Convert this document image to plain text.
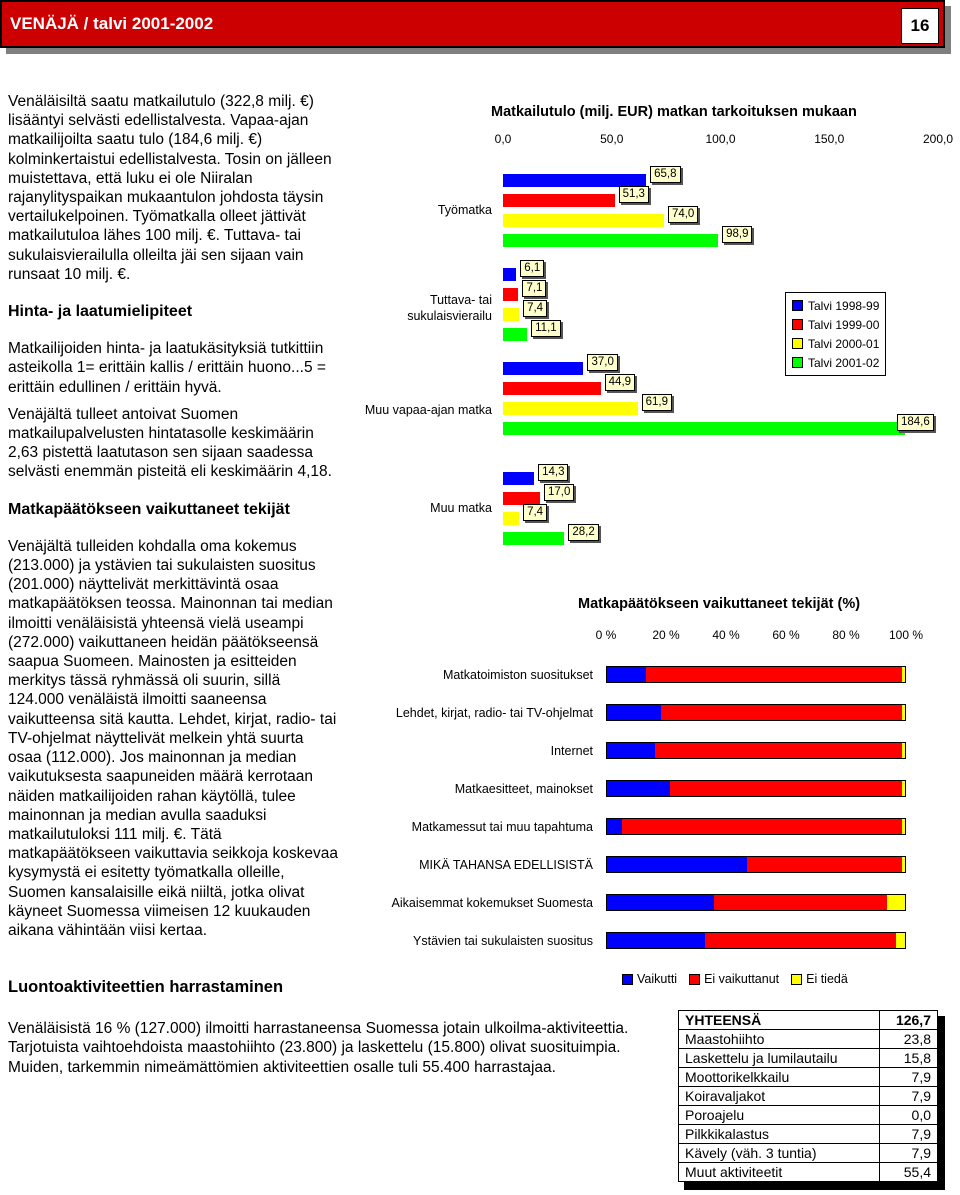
VENÄJÄ / talvi 2001-2002	16

Venäläisiltä saatu matkailutulo (322,8 milj. €) lisääntyi selvästi edellistalvesta. Vapaa-ajan matkailijoilta saatu tulo (184,6 milj. €) kolminkertaistui edellistalvesta. Tosin on jälleen muistettava, että luku ei ole Niiralan rajanylityspaikan mukaantulon johdosta täysin vertailukelpoinen. Työmatkalla olleet jättivät matkailutuloa lähes 100 milj. €. Tuttava- tai sukulaisvierailulla olleilta jäi sen sijaan vain runsaat 10 milj. €.

Hinta- ja laatumielipiteet

Matkailijoiden hinta- ja laatukäsityksiä tutkittiin asteikolla 1= erittäin kallis / erittäin huono...5 = erittäin edullinen / erittäin hyvä.

Venäjältä tulleet antoivat Suomen matkailupalvelusten hintatasolle keskimäärin 2,63 pistettä laatutason sen sijaan saadessa selvästi enemmän pisteitä eli keskimäärin 4,18.

Matkapäätökseen vaikuttaneet tekijät

Venäjältä tulleiden kohdalla oma kokemus (213.000) ja ystävien tai sukulaisten suositus (201.000) näyttelivät merkittävintä osaa matkapäätöksen teossa. Mainonnan tai median ilmoitti venäläisistä yhteensä vielä useampi (272.000) vaikuttaneen heidän päätökseensä saapua Suomeen. Mainosten ja esitteiden merkitys tässä ryhmässä oli suurin, sillä 124.000 venäläistä ilmoitti saaneensa vaikutteensa sitä kautta. Lehdet, kirjat, radio- tai TV-ohjelmat näyttelivät melkein yhtä suurta osaa (112.000). Jos mainonnan ja median vaikutuksesta saapuneiden määrä kerrotaan näiden matkailijoiden rahan käytöllä, tulee mainonnan ja median avulla saaduksi matkailutuloksi 111 milj. €. Tätä matkapäätökseen vaikuttavia seikkoja koskevaa kysymystä ei esitetty työmatkalla olleille, Suomen kansalaisille eikä niiltä, jotka olivat käyneet Suomessa viimeisen 12 kuukauden aikana vähintään viisi kertaa.

Matkailutulo (milj. EUR) matkan tarkoituksen mukaan
0,0	50,0	100,0	150,0	200,0
Työmatka
Tuttava- tai sukulaisvierailu
Muu vapaa-ajan matka
Muu matka
65,8
51,3
74,0
98,9
6,1
7,1
7,4
11,1
37,0
44,9
61,9
184,6
14,3
17,0
7,4
28,2
Talvi 1998-99
Talvi 1999-00
Talvi 2000-01
Talvi 2001-02
Matkapäätökseen vaikuttaneet tekijät (%)
0 %	20 %	40 %	60 %	80 % 100 %
Matkatoimiston suositukset
Lehdet, kirjat, radio- tai TV-ohjelmat
Internet
Matkaesitteet, mainokset
Matkamessut tai muu tapahtuma
MIKÄ TAHANSA EDELLISISTÄ
Aikaisemmat kokemukset Suomesta
Ystävien tai sukulaisten suositus
Vaikutti Ei vaikuttanut Ei tiedä
Luontoaktiviteettien harrastaminen

Venäläisistä 16 % (127.000) ilmoitti harrastaneensa Suomessa jotain ulkoilma-aktiviteettia. Tarjotuista vaihtoehdoista maastohiihto (23.800) ja laskettelu (15.800) olivat suosituimpia. Muiden, tarkemmin nimeämättömien aktiviteettien osalle tuli 55.400 harrastajaa.

YHTEENSÄ	126,7
Maastohiihto	23,8
Laskettelu ja lumilautailu	15,8
Moottorikelkkailu	7,9
Koiravaljakot	7,9
Poroajelu	0,0
Pilkkikalastus	7,9
Kävely (väh. 3 tuntia)	7,9
Muut aktiviteetit	55,4
